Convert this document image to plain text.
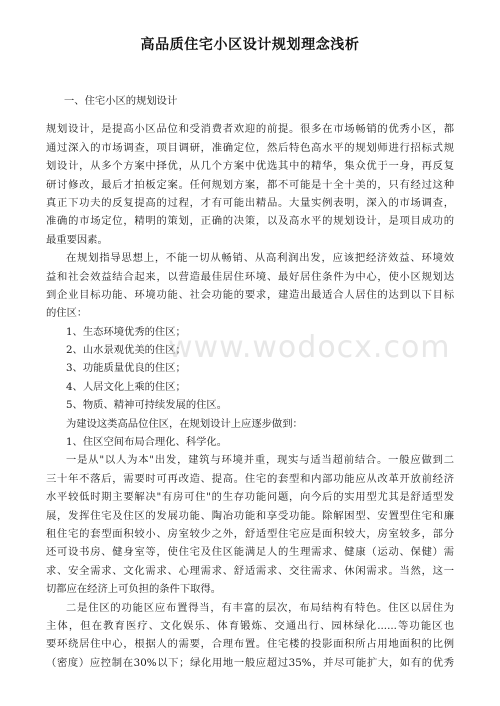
高品质住宅小区设计规划理念浅析
一、住宅小区的规划设计
规划设计，是提高小区品位和受消费者欢迎的前提。很多在市场畅销的优秀小区，都
通过深入的市场调查，项目调研，准确定位，然后特色高水平的规划师进行招标式规
划设计，从多个方案中择优，从几个方案中优选其中的精华，集众优于一身，再反复
研讨修改，最后才拍板定案。任何规划方案，都不可能是十全十美的，只有经过这种
真正下功夫的反复提高的过程，才有可能出精品。大量实例表明，深入的市场调查，
准确的市场定位，精明的策划，正确的决策，以及高水平的规划设计，是项目成功的
最重要因素。
在规划指导思想上，不能一切从畅销、从高利润出发，应该把经济效益、环境效
益和社会效益结合起来，以营造最佳居住环境、最好居住条件为中心，使小区规划达
到企业目标功能、环境功能、社会功能的要求，建造出最适合人居住的达到以下目标
的住区：
1、生态环境优秀的住区；
2、山水景观优美的住区；
3、功能质量优良的住区；
4、人居文化上乘的住区；
5、物质、精神可持续发展的住区。
为建设这类高品位住区，在规划设计上应逐步做到：
1、住区空间布局合理化、科学化。
一是从"以人为本"出发，建筑与环境并重，现实与适当超前结合。一般应做到二
三十年不落后，需要时可再改造、提高。住宅的套型和内部功能应从改革开放前经济
水平较低时期主要解决"有房可住"的生存功能问题，向今后的实用型尤其是舒适型发
展，发挥住宅及住区的发展功能、陶冶功能和享受功能。除解困型、安置型住宅和廉
租住宅的套型面积较小、房室较少之外，舒适型住宅应是面积较大，房室较多，部分
还可设书房、健身室等，使住宅及住区能满足人的生理需求、健康（运动、保健）需
求、安全需求、文化需求、心理需求、舒适需求、交往需求、休闲需求。当然，这一
切都应在经济上可负担的条件下取得。
二是住区的功能区应布置得当，有丰富的层次，布局结构有特色。住区以居住为
主体，但在教育医疗、文化娱乐、体育锻炼、交通出行、园林绿化......等功能区也
要环绕居住中心，根据人的需要，合理布置。住宅楼的投影面积所占用地面积的比例
（密度）应控制在30%以下；绿化用地一般应超过35%，并尽可能扩大，如有的优秀
www.wodocx.com
